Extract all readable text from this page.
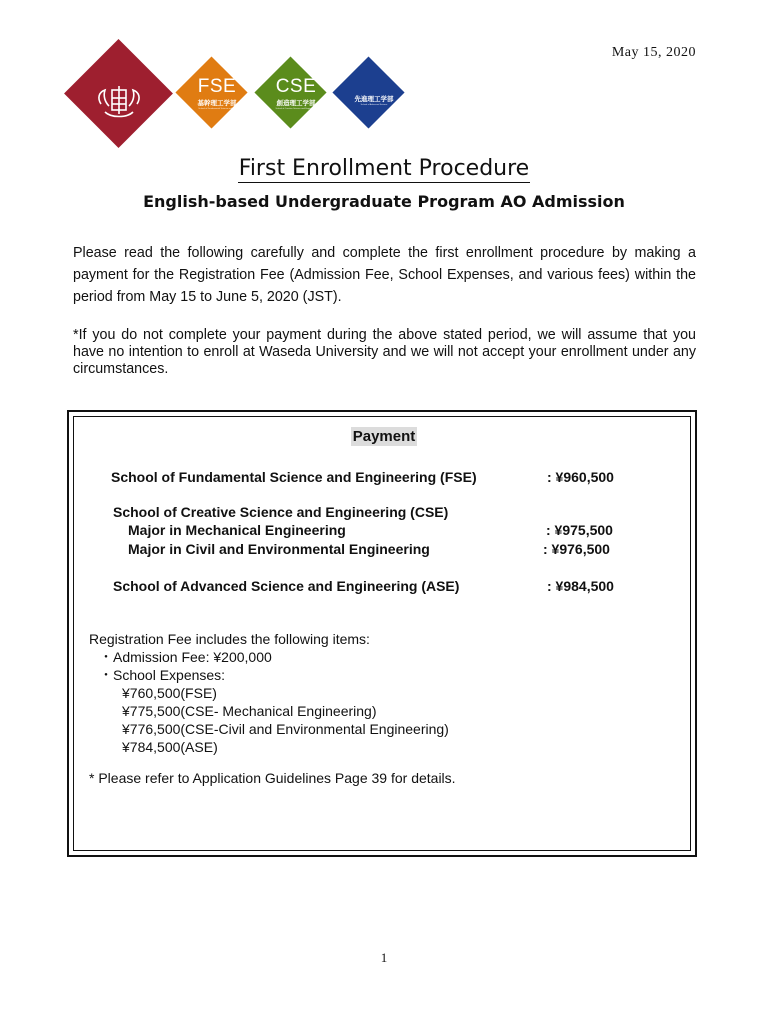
FSE
基幹理工学部
School of Fundamental Science and Engineering
CSE
創造理工学部
School of Creative Science and Engineering
先進理工学部
School of Advanced Science
May 15, 2020
First Enrollment Procedure
English-based Undergraduate Program AO Admission
Please read the following carefully and complete the first enrollment procedure by making a payment for the Registration Fee (Admission Fee, School Expenses, and various fees) within the period from May 15 to June 5, 2020 (JST).
*If you do not complete your payment during the above stated period, we will assume that you have no intention to enroll at Waseda University and we will not accept your enrollment under any circumstances.
Payment
School of Fundamental Science and Engineering (FSE)	: ¥960,500
School of Creative Science and Engineering (CSE)
Major in Mechanical Engineering	: ¥975,500
Major in Civil and Environmental Engineering	: ¥976,500
School of Advanced Science and Engineering (ASE)	: ¥984,500
Registration Fee includes the following items:
・Admission Fee: ¥200,000
・School Expenses:
¥760,500(FSE)
¥775,500(CSE- Mechanical Engineering)
¥776,500(CSE-Civil and Environmental Engineering)
¥784,500(ASE)
* Please refer to Application Guidelines Page 39 for details.
1
